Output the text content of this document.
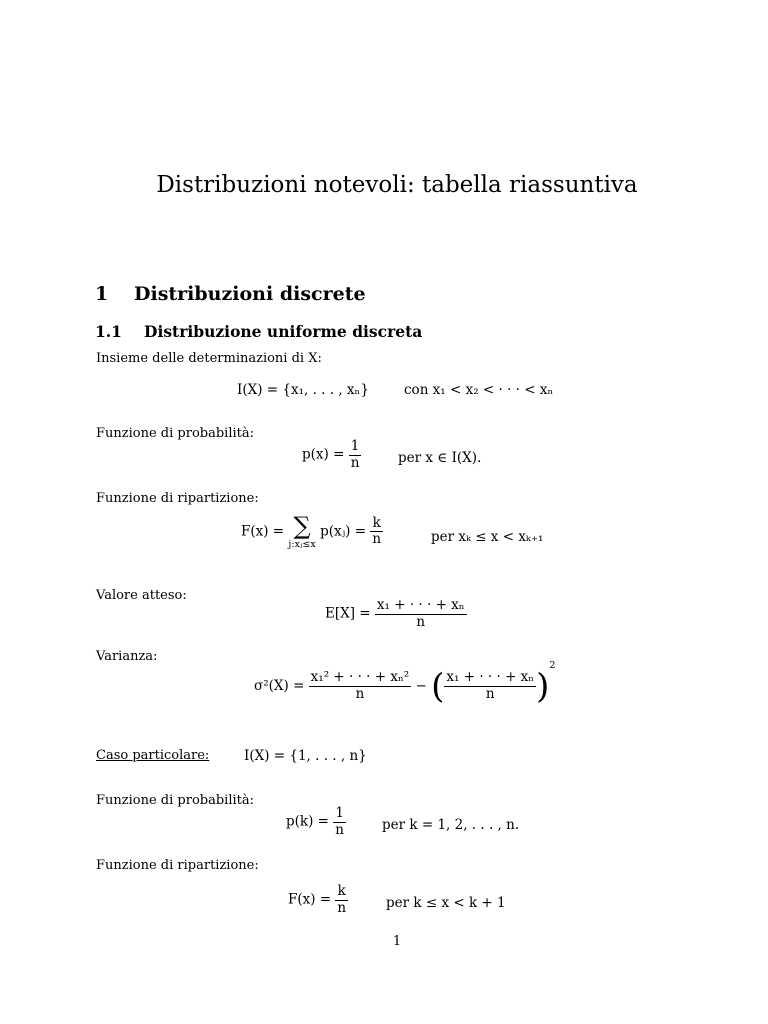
Distribuzioni notevoli: tabella riassuntiva
1 Distribuzioni discrete
1.1 Distribuzione uniforme discreta
Insieme delle determinazioni di X:
I(X) = {x₁, . . . , xₙ}	con x₁ < x₂ < · · · < xₙ
Funzione di probabilità:
$p(x) = \frac{1}{n}$	per x ∈ I(X).
Funzione di ripartizione:
F(x) = ∑
j:xⱼ≤x
p(xⱼ) = $\frac{k}{n}$	per xₖ ≤ x < xₖ₊₁
Valore atteso:
$E[X] = \frac{\text{x₁ + · · · + xₙ}}{n}$
Varianza:
$\sigma^2(X) = \frac{\text{x₁² + · · · + xₙ²}}{n}$ − ( $\frac{\text{x₁ + · · · + xₙ}}{n} )^2$
Caso particolare:	I(X) = {1, . . . , n}
Funzione di probabilità:
$p(k) = \frac{1}{n}$	per k = 1, 2, . . . , n.
Funzione di ripartizione:
$F(x) = \frac{k}{n}$	per k ≤ x < k + 1
1
